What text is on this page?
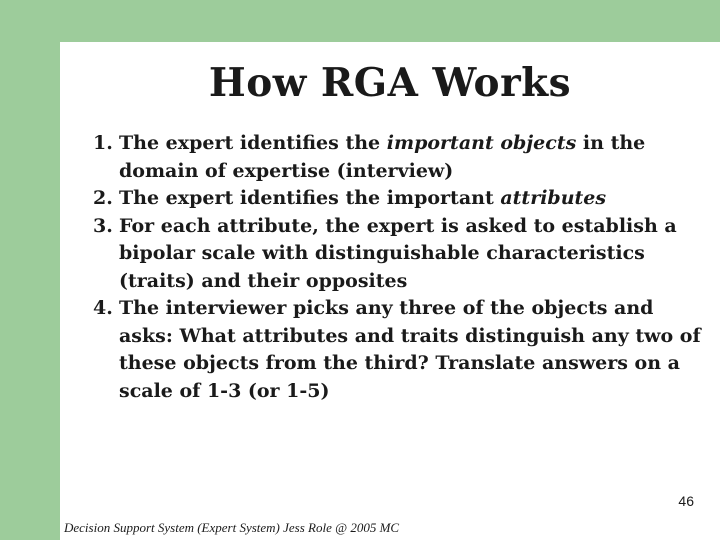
How RGA Works
1. The expert identifies the important objects in the domain of expertise (interview)
2. The expert identifies the important attributes
3. For each attribute, the expert is asked to establish a bipolar scale with distinguishable characteristics (traits) and their opposites
4. The interviewer picks any three of the objects and asks: What attributes and traits distinguish any two of these objects from the third? Translate answers on a scale of 1-3 (or 1-5)
46
Decision Support System (Expert System) Jess Role @ 2005 MC
